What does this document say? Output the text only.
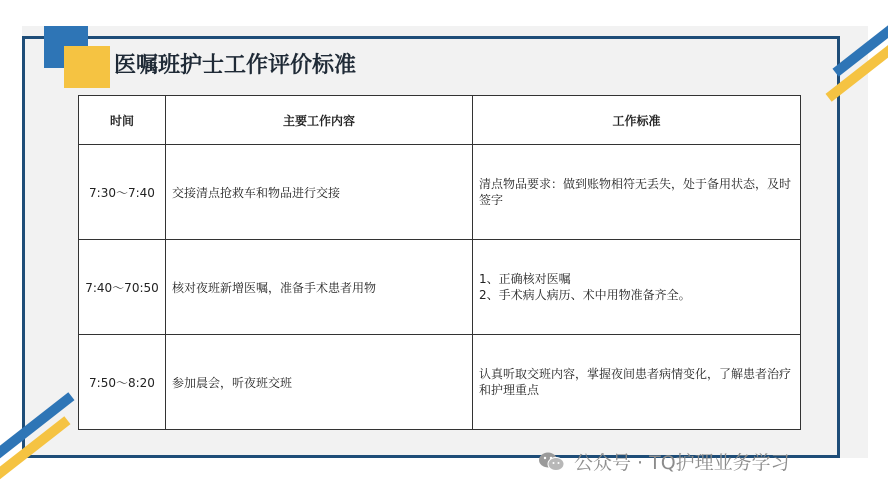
医嘱班护士工作评价标准
时间	主要工作内容	工作标准
7:30～7:40	交接清点抢救车和物品进行交接	清点物品要求：做到账物相符无丢失，处于备用状态，及时签字
7:40～70:50	核对夜班新增医嘱，准备手术患者用物	1、正确核对医嘱
2、手术病人病历、术中用物准备齐全。
7:50～8:20	参加晨会，听夜班交班	认真听取交班内容，掌握夜间患者病情变化，了解患者治疗和护理重点
公众号 · TQ护理业务学习
